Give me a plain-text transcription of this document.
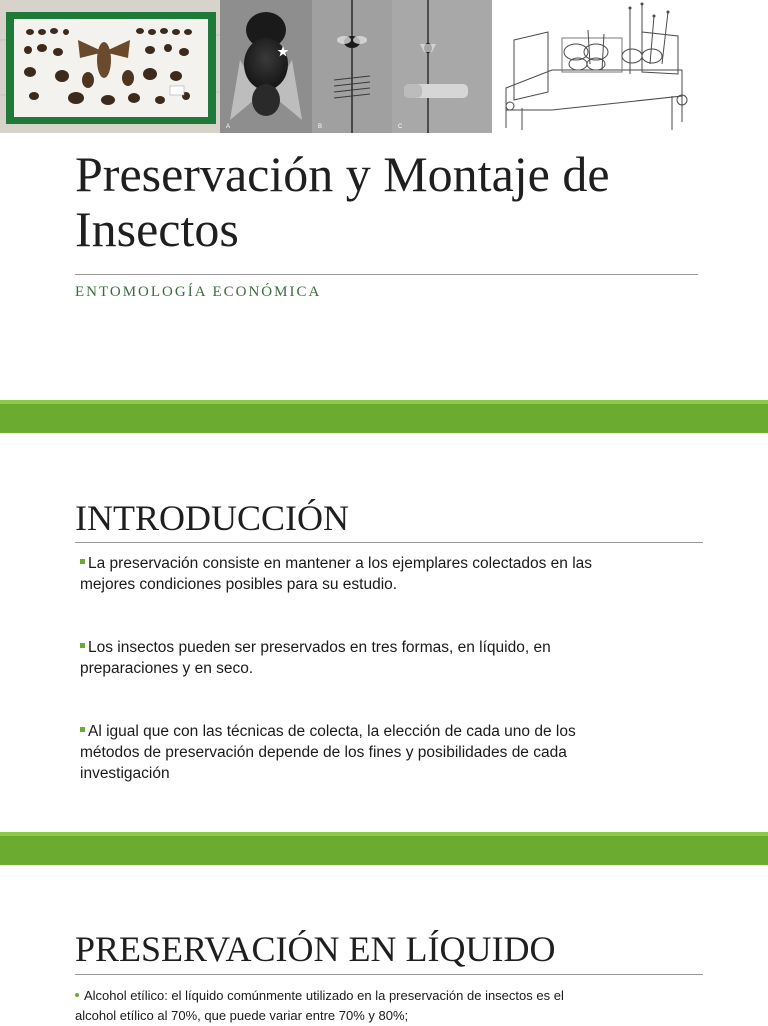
A	B	C
Preservación y Montaje de Insectos
ENTOMOLOGÍA ECONÓMICA
INTRODUCCIÓN
La preservación consiste en mantener a los ejemplares colectados en las mejores condiciones posibles para su estudio.
Los insectos pueden ser preservados en tres formas, en líquido, en preparaciones y en seco.
Al igual que con las técnicas de colecta, la elección de cada uno de los métodos de preservación depende de los fines y posibilidades de cada investigación
PRESERVACIÓN EN LÍQUIDO
Alcohol etílico: el líquido comúnmente utilizado en la preservación de insectos es el alcohol etílico al 70%, que puede variar entre 70% y 80%;
